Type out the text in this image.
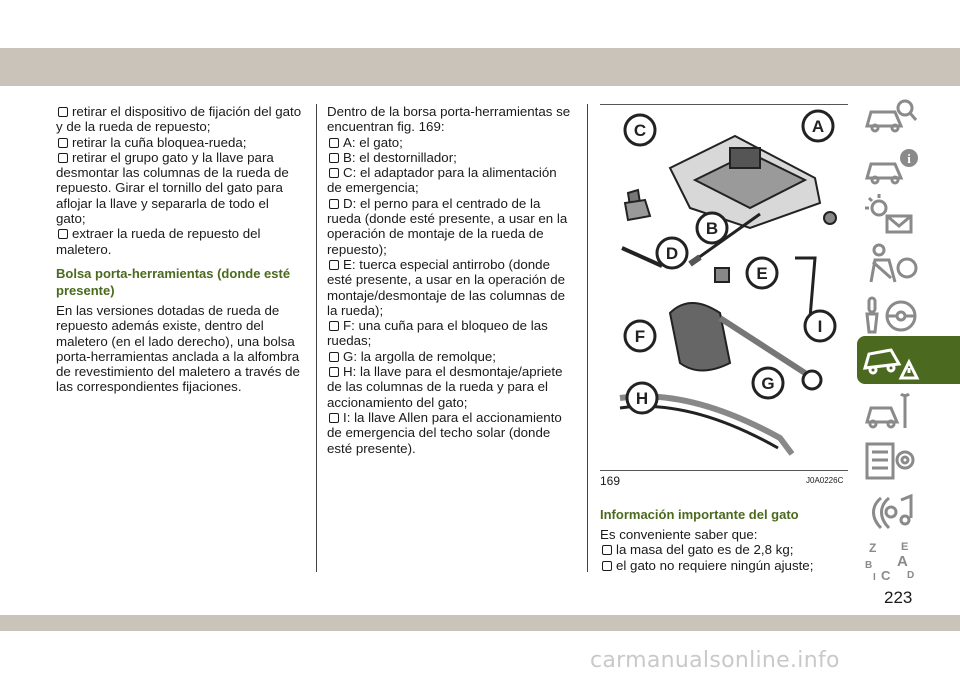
retirar el dispositivo de fijación del gato y de la rueda de repuesto;
retirar la cuña bloquea-rueda;
retirar el grupo gato y la llave para desmontar las columnas de la rueda de repuesto. Girar el tornillo del gato para aflojar la llave y separarla de todo el gato;
extraer la rueda de repuesto del maletero.
Bolsa porta-herramientas (donde esté presente)
En las versiones dotadas de rueda de repuesto además existe, dentro del maletero (en el lado derecho), una bolsa porta-herramientas anclada a la alfombra de revestimiento del maletero a través de las correspondientes fijaciones.
Dentro de la borsa porta-herramientas se encuentran fig. 169:
A: el gato;
B: el destornillador;
C: el adaptador para la alimentación de emergencia;
D: el perno para el centrado de la rueda (donde esté presente, a usar en la operación de montaje de la rueda de repuesto);
E: tuerca especial antirrobo (donde esté presente, a usar en la operación de montaje/desmontaje de las columnas de la rueda);
F: una cuña para el bloqueo de las ruedas;
G: la argolla de remolque;
H: la llave para el desmontaje/apriete de las columnas de la rueda y para el accionamiento del gato;
I: la llave Allen para el accionamiento de emergencia del techo solar (donde esté presente).
C	A
B
D
E
F
I
G
H
169	J0A0226C
Información importante del gato
Es conveniente saber que:
la masa del gato es de 2,8 kg;
el gato no requiere ningún ajuste;
i
Z E
A
B
C D
I
223
carmanualsonline.info
